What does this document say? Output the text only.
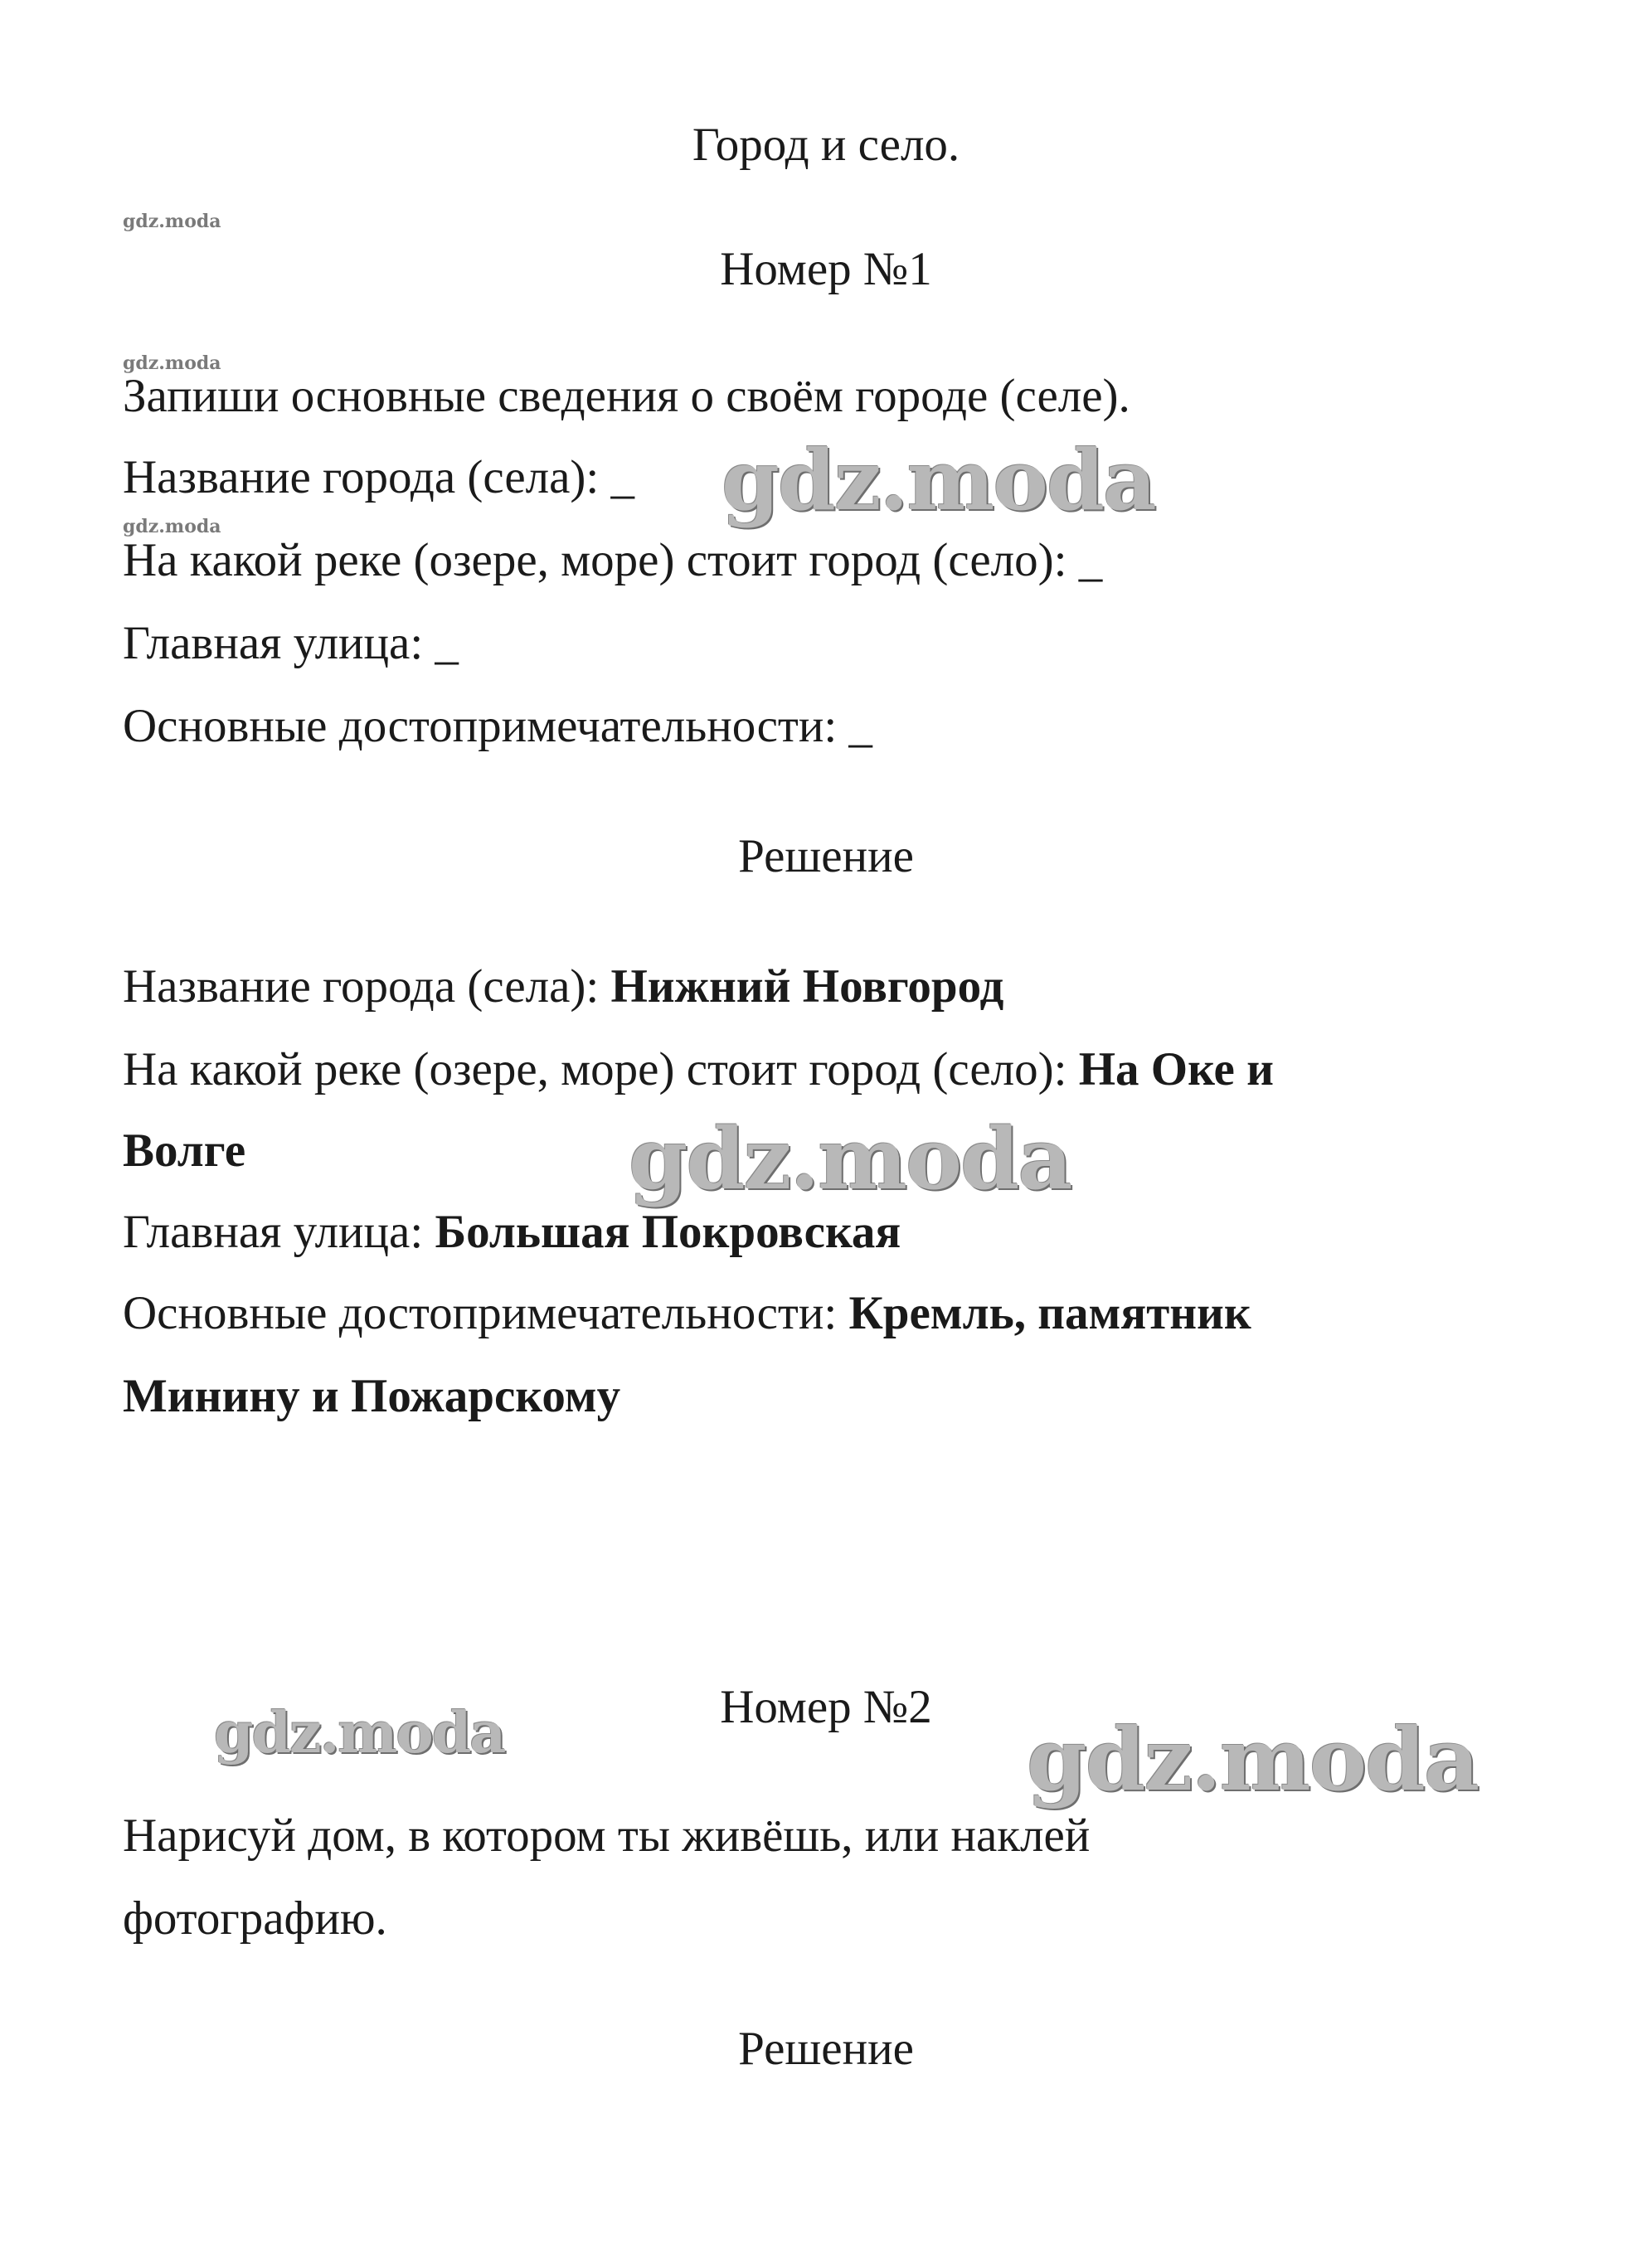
Город и село.

Номер №1

Запиши основные сведения о своём городе (селе).

Название города (села): _

На какой реке (озере, море) стоит город (село): _

Главная улица: _

Основные достопримечательности: _

Решение

Название города (села): Нижний Новгород

На какой реке (озере, море) стоит город (село): На Оке и

Волге

Главная улица: Большая Покровская

Основные достопримечательности: Кремль, памятник

Минину и Пожарскому

Номер №2

Нарисуй дом, в котором ты живёшь, или наклей

фотографию.

Решение

gdz.moda
gdz.moda
gdz.moda	gdz.moda
gdz.moda
gdz.moda	gdz.moda
